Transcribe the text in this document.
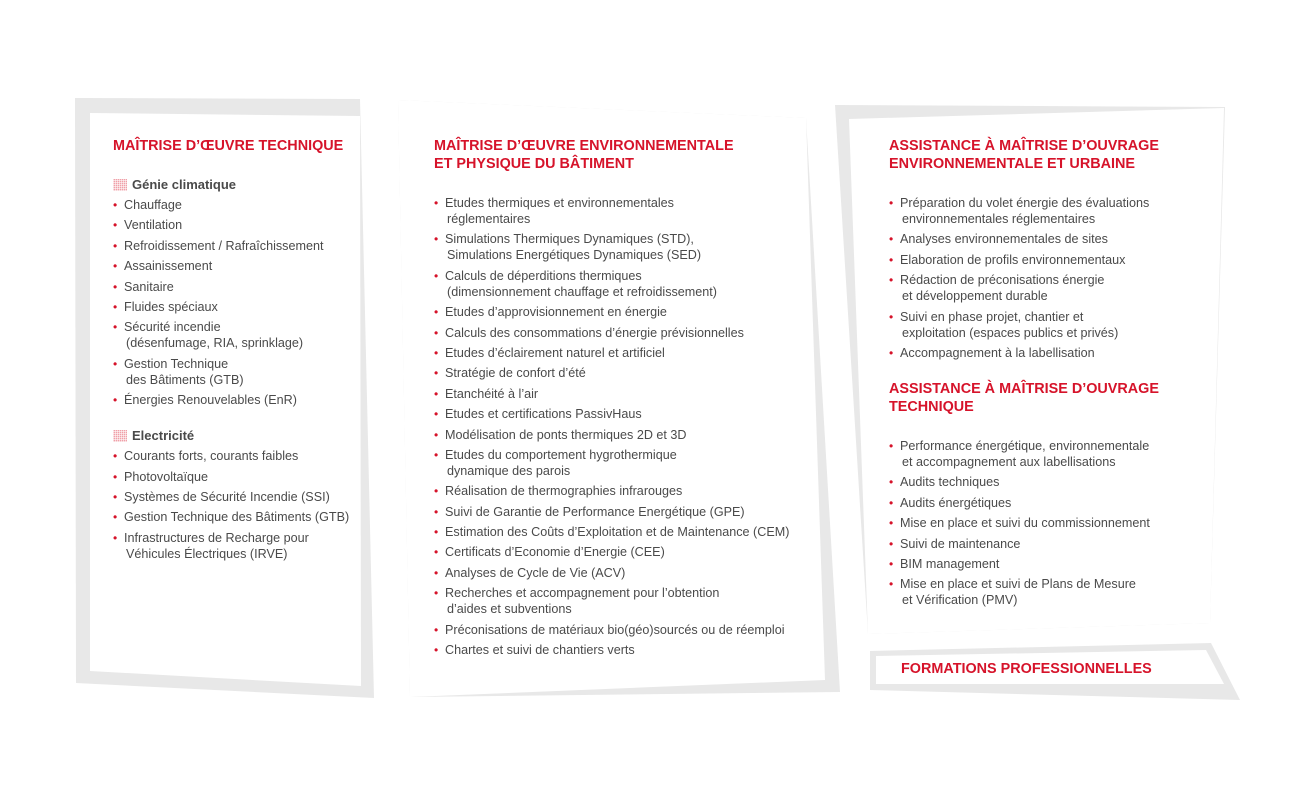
MAÎTRISE D’ŒUVRE TECHNIQUE
Génie climatique
• Chauffage
• Ventilation
• Refroidissement / Rafraîchissement
• Assainissement
• Sanitaire
• Fluides spéciaux
• Sécurité incendie
(désenfumage, RIA, sprinklage)
• Gestion Technique
des Bâtiments (GTB)
• Énergies Renouvelables (EnR)
Electricité
• Courants forts, courants faibles
• Photovoltaïque
• Systèmes de Sécurité Incendie (SSI)
• Gestion Technique des Bâtiments (GTB)
• Infrastructures de Recharge pour
Véhicules Électriques (IRVE)
MAÎTRISE D’ŒUVRE ENVIRONNEMENTALE
ET PHYSIQUE DU BÂTIMENT
• Etudes thermiques et environnementales
réglementaires
• Simulations Thermiques Dynamiques (STD),
Simulations Energétiques Dynamiques (SED)
• Calculs de déperditions thermiques
(dimensionnement chauffage et refroidissement)
• Etudes d’approvisionnement en énergie
• Calculs des consommations d’énergie prévisionnelles
• Etudes d’éclairement naturel et artificiel
• Stratégie de confort d’été
• Etanchéité à l’air
• Etudes et certifications PassivHaus
• Modélisation de ponts thermiques 2D et 3D
• Etudes du comportement hygrothermique
dynamique des parois
• Réalisation de thermographies infrarouges
• Suivi de Garantie de Performance Energétique (GPE)
• Estimation des Coûts d’Exploitation et de Maintenance (CEM)
• Certificats d’Economie d’Energie (CEE)
• Analyses de Cycle de Vie (ACV)
• Recherches et accompagnement pour l’obtention
d’aides et subventions
• Préconisations de matériaux bio(géo)sourcés ou de réemploi
• Chartes et suivi de chantiers verts
ASSISTANCE À MAÎTRISE D’OUVRAGE
ENVIRONNEMENTALE ET URBAINE
• Préparation du volet énergie des évaluations
environnementales réglementaires
• Analyses environnementales de sites
• Elaboration de profils environnementaux
• Rédaction de préconisations énergie
et développement durable
• Suivi en phase projet, chantier et
exploitation (espaces publics et privés)
• Accompagnement à la labellisation
ASSISTANCE À MAÎTRISE D’OUVRAGE
TECHNIQUE
• Performance énergétique, environnementale
et accompagnement aux labellisations
• Audits techniques
• Audits énergétiques
• Mise en place et suivi du commissionnement
• Suivi de maintenance
• BIM management
• Mise en place et suivi de Plans de Mesure
et Vérification (PMV)
FORMATIONS PROFESSIONNELLES
